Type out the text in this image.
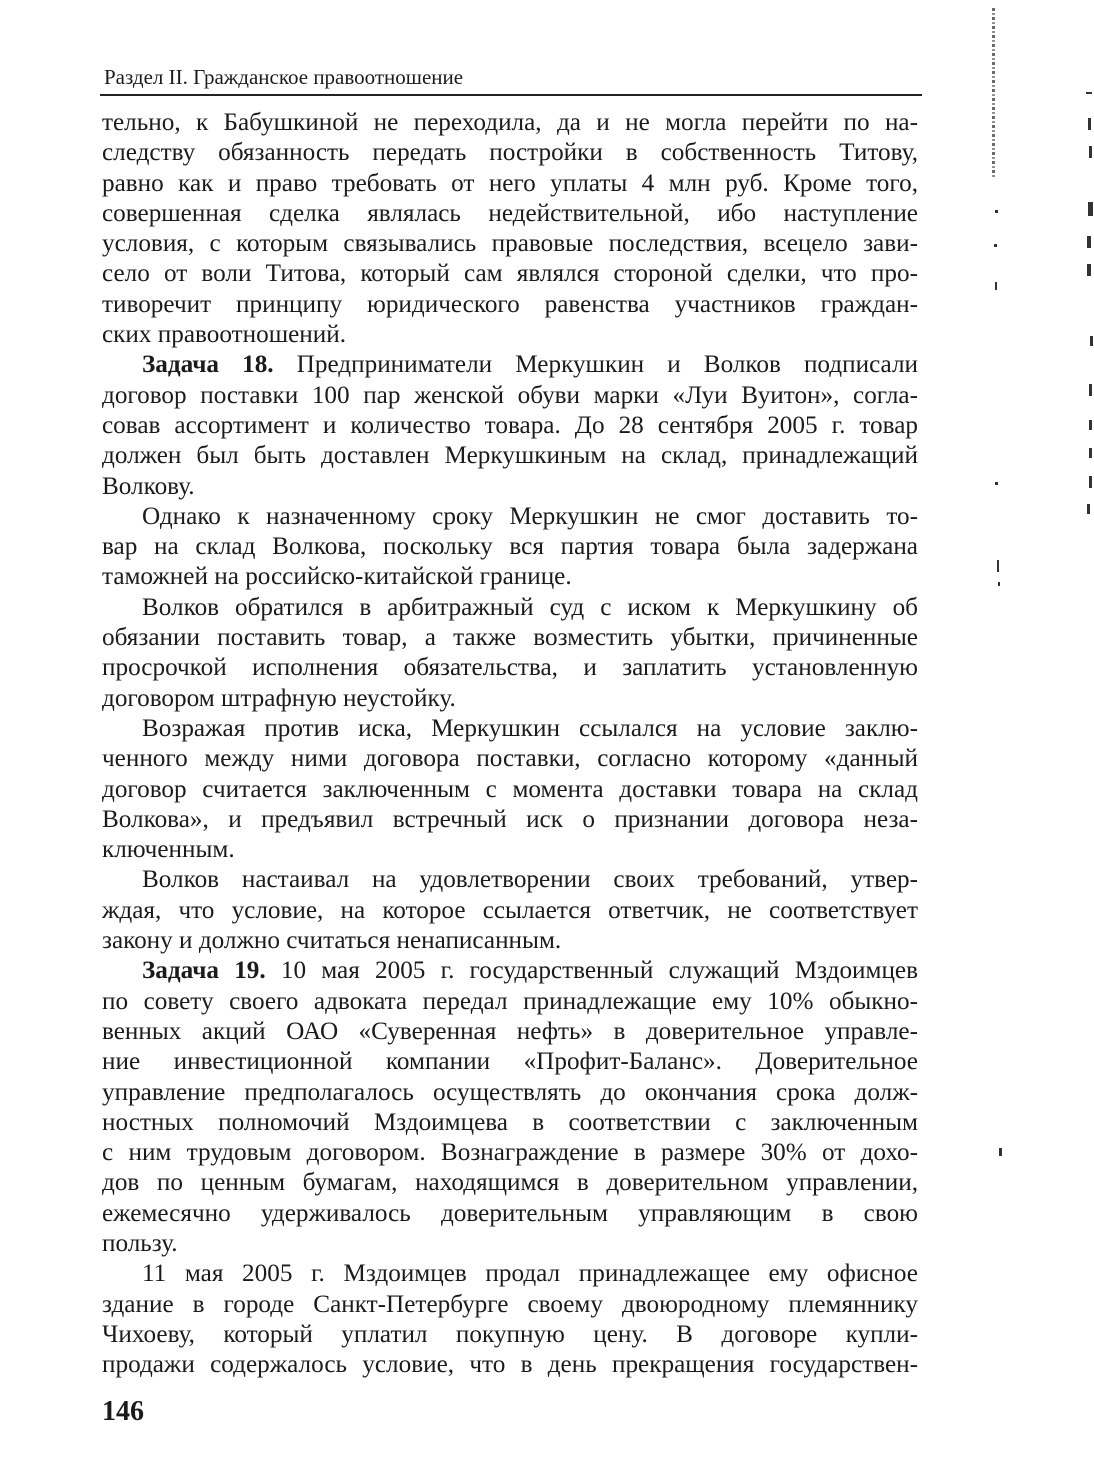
Раздел II. Гражданское правоотношение
тельно, к Бабушкиной не переходила, да и не могла перейти по на-
следству обязанность передать постройки в собственность Титову,
равно как и право требовать от него уплаты 4 млн руб. Кроме того,
совершенная сделка являлась недействительной, ибо наступление
условия, с которым связывались правовые последствия, всецело зави-
село от воли Титова, который сам являлся стороной сделки, что про-
тиворечит принципу юридического равенства участников граждан-
ских правоотношений.
Задача 18. Предприниматели Меркушкин и Волков подписали
договор поставки 100 пар женской обуви марки «Луи Вуитон», согла-
совав ассортимент и количество товара. До 28 сентября 2005 г. товар
должен был быть доставлен Меркушкиным на склад, принадлежащий
Волкову.
Однако к назначенному сроку Меркушкин не смог доставить то-
вар на склад Волкова, поскольку вся партия товара была задержана
таможней на российско-китайской границе.
Волков обратился в арбитражный суд с иском к Меркушкину об
обязании поставить товар, а также возместить убытки, причиненные
просрочкой исполнения обязательства, и заплатить установленную
договором штрафную неустойку.
Возражая против иска, Меркушкин ссылался на условие заклю-
ченного между ними договора поставки, согласно которому «данный
договор считается заключенным с момента доставки товара на склад
Волкова», и предъявил встречный иск о признании договора неза-
ключенным.
Волков настаивал на удовлетворении своих требований, утвер-
ждая, что условие, на которое ссылается ответчик, не соответствует
закону и должно считаться ненаписанным.
Задача 19. 10 мая 2005 г. государственный служащий Мздоимцев
по совету своего адвоката передал принадлежащие ему 10% обыкно-
венных акций ОАО «Суверенная нефть» в доверительное управле-
ние инвестиционной компании «Профит-Баланс». Доверительное
управление предполагалось осуществлять до окончания срока долж-
ностных полномочий Мздоимцева в соответствии с заключенным
с ним трудовым договором. Вознаграждение в размере 30% от дохо-
дов по ценным бумагам, находящимся в доверительном управлении,
ежемесячно удерживалось доверительным управляющим в свою
пользу.
11 мая 2005 г. Мздоимцев продал принадлежащее ему офисное
здание в городе Санкт-Петербурге своему двоюродному племяннику
Чихоеву, который уплатил покупную цену. В договоре купли-
продажи содержалось условие, что в день прекращения государствен-
146
